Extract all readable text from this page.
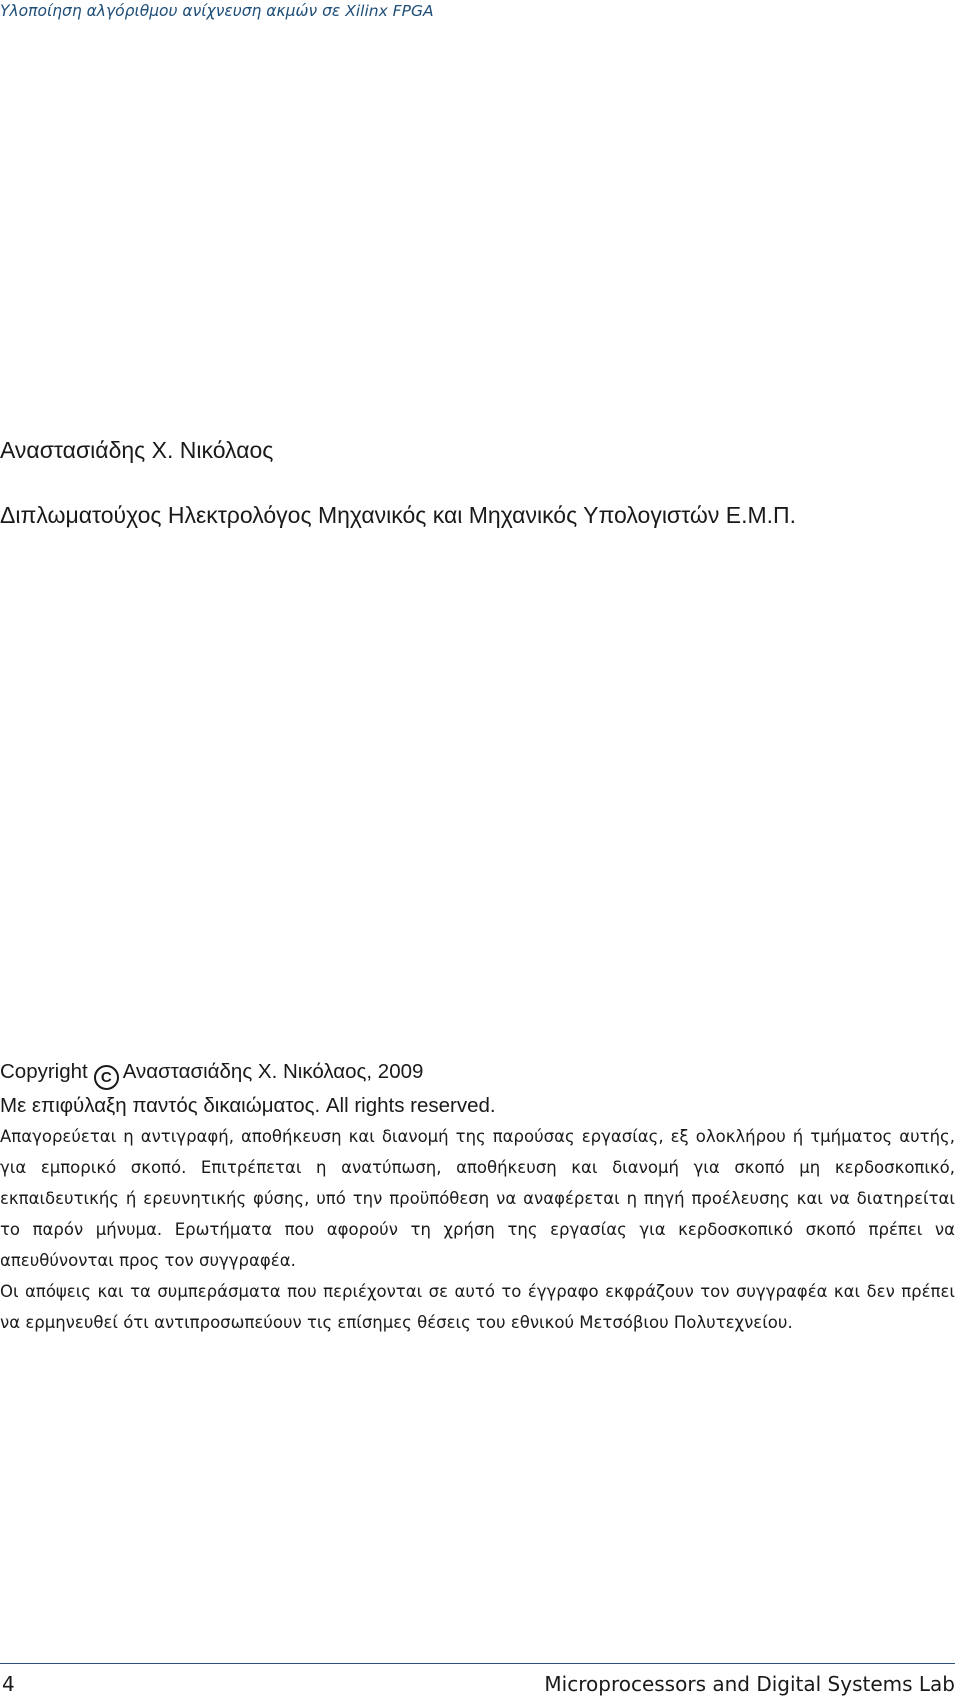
Υλοποίηση αλγόριθμου ανίχνευση ακμών σε Xilinx FPGA
Αναστασιάδης Χ. Νικόλαος
Διπλωματούχος Ηλεκτρολόγος Μηχανικός και Μηχανικός Υπολογιστών Ε.Μ.Π.
Copyright C Αναστασιάδης Χ. Νικόλαος, 2009
Με επιφύλαξη παντός δικαιώματος. All rights reserved.

Απαγορεύεται η αντιγραφή, αποθήκευση και διανομή της παρούσας εργασίας, εξ ολοκλήρου ή τμήματος αυτής, για εμπορικό σκοπό. Επιτρέπεται η ανατύπωση, αποθήκευση και διανομή για σκοπό μη κερδοσκοπικό, εκπαιδευτικής ή ερευνητικής φύσης, υπό την προϋπόθεση να αναφέρεται η πηγή προέλευσης και να διατηρείται το παρόν μήνυμα. Ερωτήματα που αφορούν τη χρήση της εργασίας για κερδοσκοπικό σκοπό πρέπει να απευθύνονται προς τον συγγραφέα.

Οι απόψεις και τα συμπεράσματα που περιέχονται σε αυτό το έγγραφο εκφράζουν τον συγγραφέα και δεν πρέπει να ερμηνευθεί ότι αντιπροσωπεύουν τις επίσημες θέσεις του εθνικού Μετσόβιου Πολυτεχνείου.

4	Microprocessors and Digital Systems Lab
